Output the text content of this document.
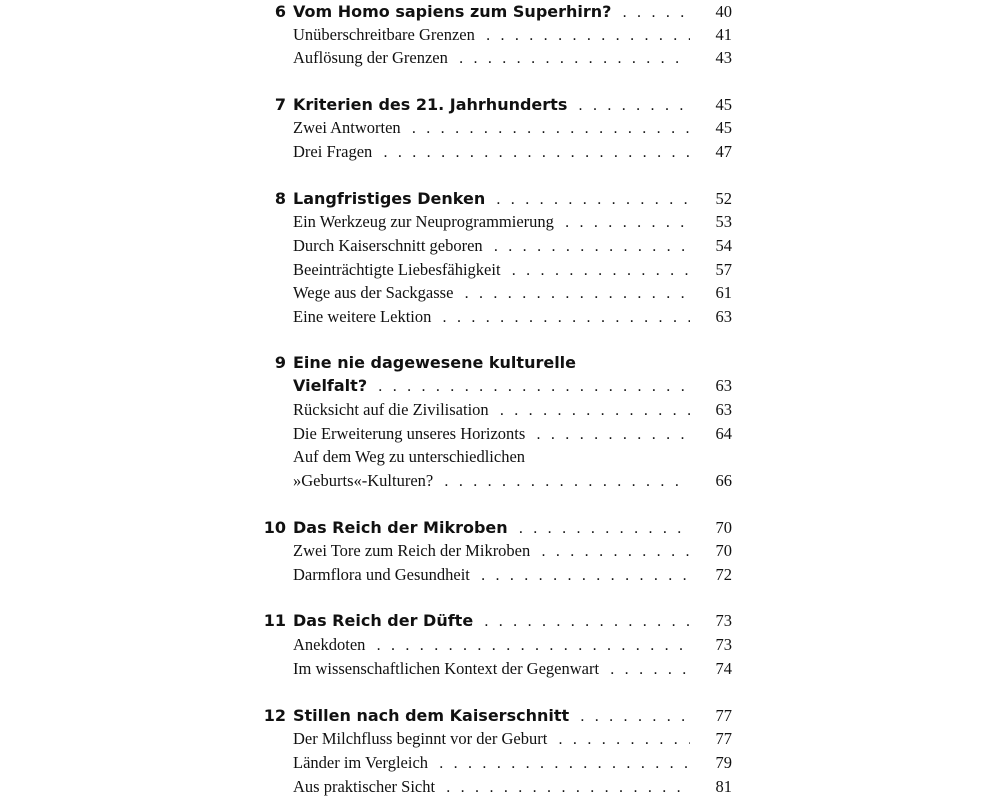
6 Vom Homo sapiens zum Superhirn? . . .	40
Unüberschreitbare Grenzen . . .	41
Auflösung der Grenzen . . .	43
7 Kriterien des 21. Jahrhunderts . . .	45
Zwei Antworten . . .	45
Drei Fragen . . .	47
8 Langfristiges Denken . . .	52
Ein Werkzeug zur Neuprogrammierung . . .	53
Durch Kaiserschnitt geboren . . .	54
Beeinträchtigte Liebesfähigkeit . . .	57
Wege aus der Sackgasse . . .	61
Eine weitere Lektion . . .	63
9 Eine nie dagewesene kulturelle
Vielfalt? . . .	63
Rücksicht auf die Zivilisation . . .	63
Die Erweiterung unseres Horizonts . . .	64
Auf dem Weg zu unterschiedlichen
»Geburts«-Kulturen? . . .	66
10 Das Reich der Mikroben . . .	70
Zwei Tore zum Reich der Mikroben . . .	70
Darmflora und Gesundheit . . .	72
11 Das Reich der Düfte . . .	73
Anekdoten . . .	73
Im wissenschaftlichen Kontext der Gegenwart . . .	74
12 Stillen nach dem Kaiserschnitt . . .	77
Der Milchfluss beginnt vor der Geburt . . .	77
Länder im Vergleich . . .	79
Aus praktischer Sicht . . .	81
